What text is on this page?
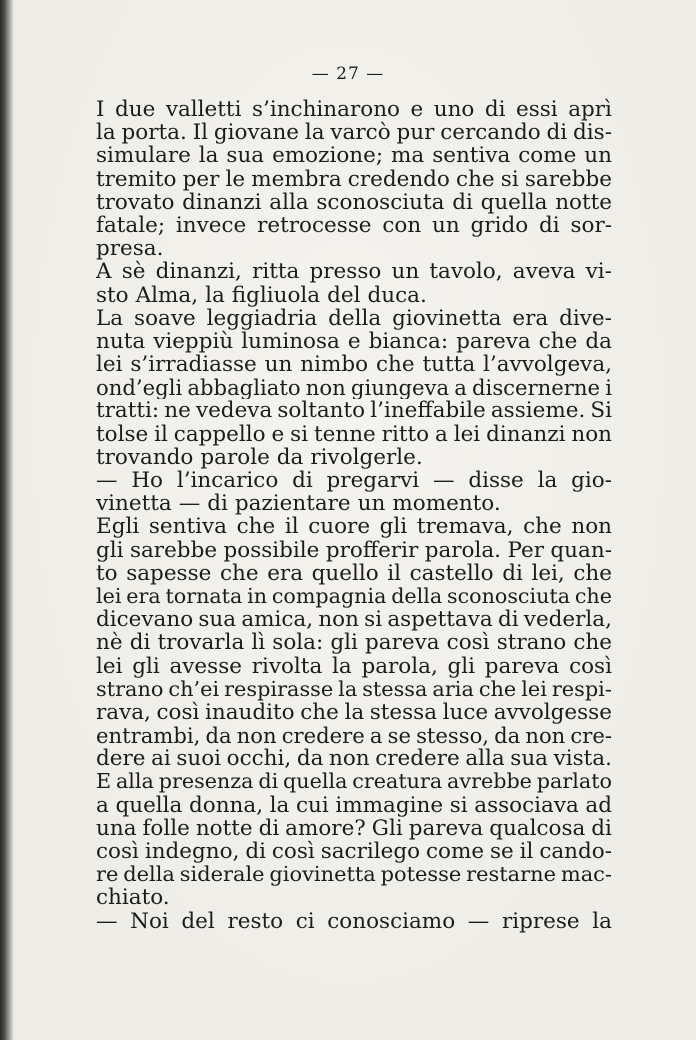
— 27 —
I due valletti s’inchinarono e uno di essi aprì
la porta. Il giovane la varcò pur cercando di dis-
simulare la sua emozione; ma sentiva come un
tremito per le membra credendo che si sarebbe
trovato dinanzi alla sconosciuta di quella notte
fatale; invece retrocesse con un grido di sor-
presa.
A sè dinanzi, ritta presso un tavolo, aveva vi-
sto Alma, la figliuola del duca.
La soave leggiadria della giovinetta era dive-
nuta vieppiù luminosa e bianca: pareva che da
lei s’irradiasse un nimbo che tutta l’avvolgeva,
ond’egli abbagliato non giungeva a discernerne i
tratti: ne vedeva soltanto l’ineffabile assieme. Si
tolse il cappello e si tenne ritto a lei dinanzi non
trovando parole da rivolgerle.
— Ho l’incarico di pregarvi — disse la gio-
vinetta — di pazientare un momento.
Egli sentiva che il cuore gli tremava, che non
gli sarebbe possibile profferir parola. Per quan-
to sapesse che era quello il castello di lei, che
lei era tornata in compagnia della sconosciuta che
dicevano sua amica, non si aspettava di vederla,
nè di trovarla lì sola: gli pareva così strano che
lei gli avesse rivolta la parola, gli pareva così
strano ch’ei respirasse la stessa aria che lei respi-
rava, così inaudito che la stessa luce avvolgesse
entrambi, da non credere a se stesso, da non cre-
dere ai suoi occhi, da non credere alla sua vista.
E alla presenza di quella creatura avrebbe parlato
a quella donna, la cui immagine si associava ad
una folle notte di amore? Gli pareva qualcosa di
così indegno, di così sacrilego come se il cando-
re della siderale giovinetta potesse restarne mac-
chiato.
— Noi del resto ci conosciamo — riprese la
